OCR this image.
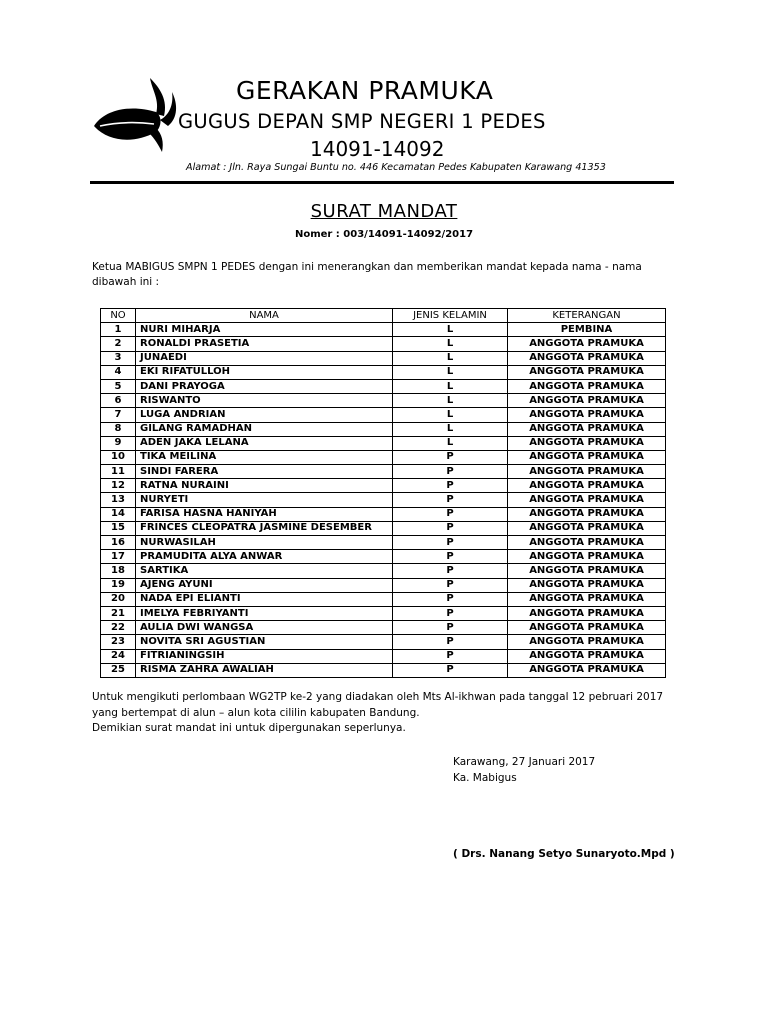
GERAKAN PRAMUKA
GUGUS DEPAN SMP NEGERI 1 PEDES
14091-14092
Alamat : Jln. Raya Sungai Buntu no. 446 Kecamatan Pedes Kabupaten Karawang 41353
SURAT MANDAT
Nomer : 003/14091-14092/2017
Ketua MABIGUS SMPN 1 PEDES dengan ini menerangkan dan memberikan mandat kepada nama - nama dibawah ini :
NO	NAMA	JENIS KELAMIN	KETERANGAN
1	NURI MIHARJA	L	PEMBINA
2	RONALDI PRASETIA	L	ANGGOTA PRAMUKA
3	JUNAEDI	L	ANGGOTA PRAMUKA
4	EKI RIFATULLOH	L	ANGGOTA PRAMUKA
5	DANI PRAYOGA	L	ANGGOTA PRAMUKA
6	RISWANTO	L	ANGGOTA PRAMUKA
7	LUGA ANDRIAN	L	ANGGOTA PRAMUKA
8	GILANG RAMADHAN	L	ANGGOTA PRAMUKA
9	ADEN JAKA LELANA	L	ANGGOTA PRAMUKA
10	TIKA MEILINA	P	ANGGOTA PRAMUKA
11	SINDI FARERA	P	ANGGOTA PRAMUKA
12	RATNA NURAINI	P	ANGGOTA PRAMUKA
13	NURYETI	P	ANGGOTA PRAMUKA
14	FARISA HASNA HANIYAH	P	ANGGOTA PRAMUKA
15	FRINCES CLEOPATRA JASMINE DESEMBER	P	ANGGOTA PRAMUKA
16	NURWASILAH	P	ANGGOTA PRAMUKA
17	PRAMUDITA ALYA ANWAR	P	ANGGOTA PRAMUKA
18	SARTIKA	P	ANGGOTA PRAMUKA
19	AJENG AYUNI	P	ANGGOTA PRAMUKA
20	NADA EPI ELIANTI	P	ANGGOTA PRAMUKA
21	IMELYA FEBRIYANTI	P	ANGGOTA PRAMUKA
22	AULIA DWI WANGSA	P	ANGGOTA PRAMUKA
23	NOVITA SRI AGUSTIAN	P	ANGGOTA PRAMUKA
24	FITRIANINGSIH	P	ANGGOTA PRAMUKA
25	RISMA ZAHRA AWALIAH	P	ANGGOTA PRAMUKA

Untuk mengikuti perlombaan WG2TP ke-2 yang diadakan oleh Mts Al-ikhwan pada tanggal 12 pebruari 2017 yang bertempat di alun – alun kota cililin kabupaten Bandung.

Demikian surat mandat ini untuk dipergunakan seperlunya.

Karawang, 27 Januari 2017
Ka. Mabigus
( Drs. Nanang Setyo Sunaryoto.Mpd )
